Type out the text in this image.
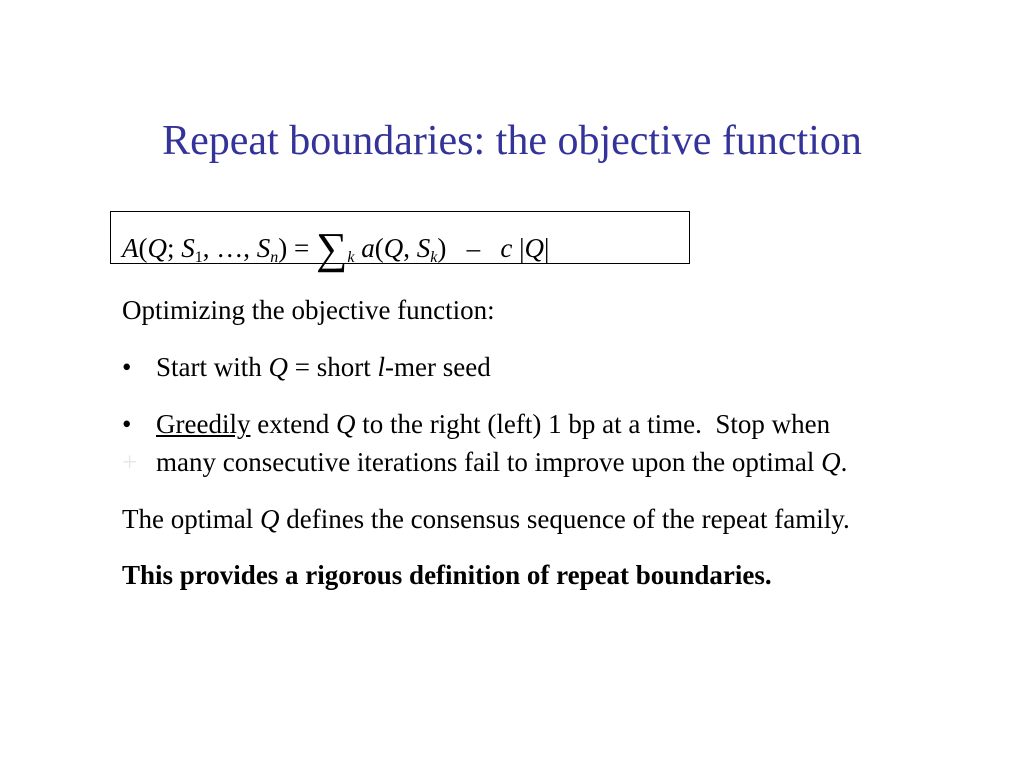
Repeat boundaries: the objective function
A(Q; $S_1$, …, $S_n) = \sum_k$ a(Q, $S_k$)   –   c |Q|
Optimizing the objective function:
• Start with Q = short l-mer seed
• Greedily extend Q to the right (left) 1 bp at a time.  Stop when
+ many consecutive iterations fail to improve upon the optimal Q.
The optimal Q defines the consensus sequence of the repeat family.
This provides a rigorous definition of repeat boundaries.
